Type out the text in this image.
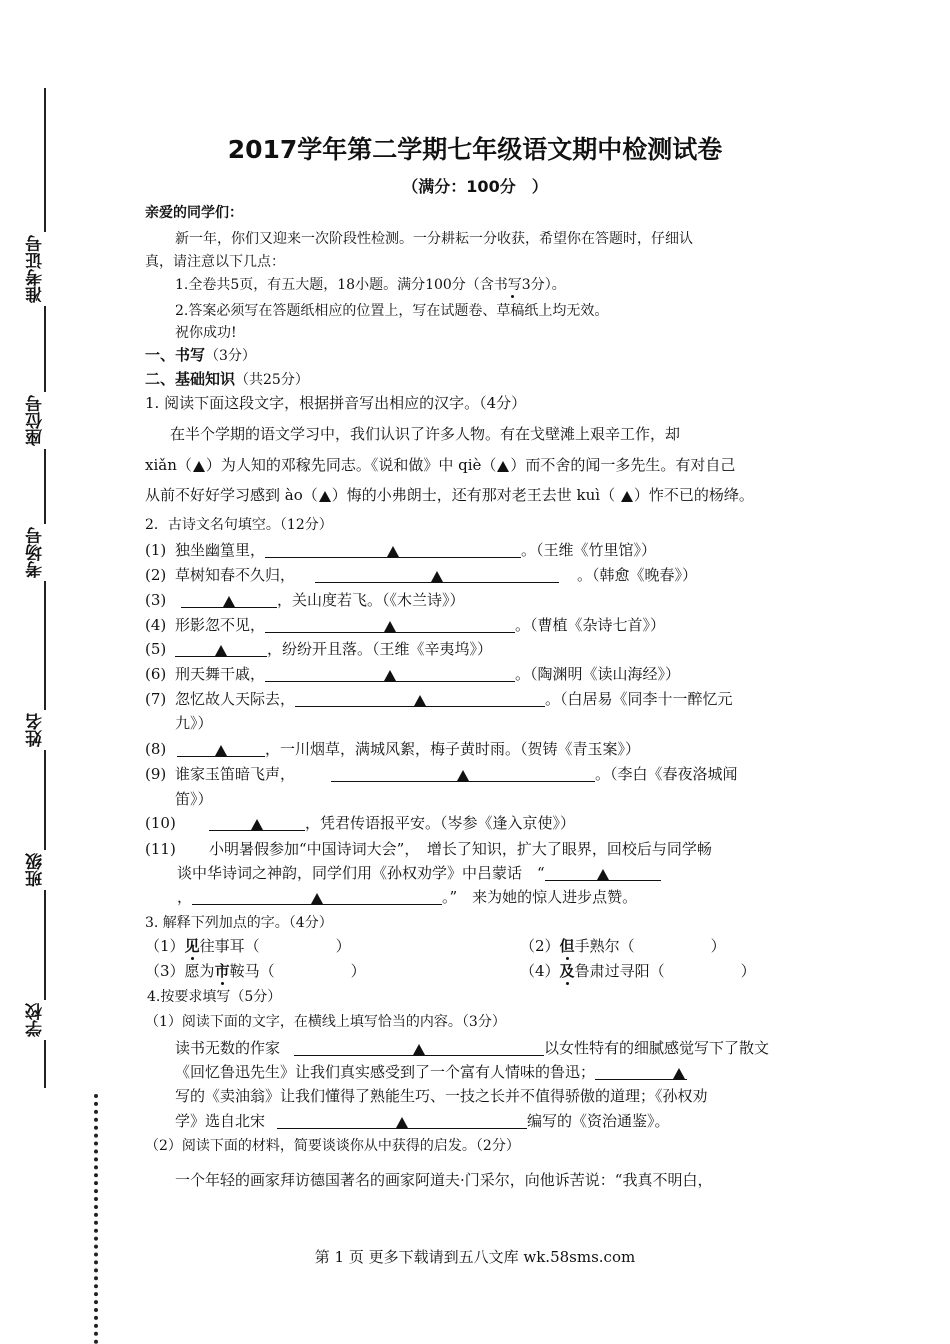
准考证号
座位号
考场号
姓名
班级
学校
2017学年第二学期七年级语文期中检测试卷
（满分：100分　）
亲爱的同学们：
新一年，你们又迎来一次阶段性检测。一分耕耘一分收获，希望你在答题时，仔细认
真，请注意以下几点：
1.全卷共5页，有五大题，18小题。满分100分（含书写3分）。
2.答案必须写在答题纸相应的位置上，写在试题卷、草稿纸上均无效。
祝你成功!
一、书写（3分）
二、基础知识（共25分）
1. 阅读下面这段文字，根据拼音写出相应的汉字。（4分）
在半个学期的语文学习中，我们认识了许多人物。有在戈壁滩上艰辛工作，却
xiǎn（ ）为人知的邓稼先同志。《说和做》中 qiè（ ）而不舍的闻一多先生。有对自己
从前不好好学习感到 ào（ ）悔的小弗朗士，还有那对老王去世 kuì（ ）怍不已的杨绛。
2．古诗文名句填空。（12分）
(1) 独坐幽篁里，	。（王维《竹里馆》）
(2) 草树知春不久归，	。（韩愈《晚春》）
(3)	，关山度若飞。（《木兰诗》）
(4) 形影忽不见，	。（曹植《杂诗七首》）
(5)	，纷纷开且落。（王维《辛夷坞》）
(6) 刑天舞干戚，	。（陶渊明《读山海经》）
(7) 忽忆故人天际去，	。（白居易《同李十一醉忆元
九》）
(8)	，一川烟草，满城风絮，梅子黄时雨。（贺铸《青玉案》）
(9) 谁家玉笛暗飞声，	。（李白《春夜洛城闻
笛》）
(10)	，凭君传语报平安。（岑参《逢入京使》）
(11) 小明暑假参加“中国诗词大会”，　增长了知识，扩大了眼界，回校后与同学畅
谈中华诗词之神韵，同学们用《孙权劝学》中吕蒙话　“
，	。”　来为她的惊人进步点赞。
3. 解释下列加点的字。（4分）
（1）见往事耳（	）	（2）但手熟尔（	）
（3）愿为市鞍马（	）	（4）及鲁肃过寻阳（	）
4.按要求填写（5分）
（1）阅读下面的文字，在横线上填写恰当的内容。（3分）
读书无数的作家	以女性特有的细腻感觉写下了散文
《回忆鲁迅先生》让我们真实感受到了一个富有人情味的鲁迅；
写的《卖油翁》让我们懂得了熟能生巧、一技之长并不值得骄傲的道理；《孙权劝
学》选自北宋	编写的《资治通鉴》。
（2）阅读下面的材料，简要谈谈你从中获得的启发。（2分）
一个年轻的画家拜访德国著名的画家阿道夫·门采尔，向他诉苦说：“我真不明白，
第 1 页 更多下载请到五八文库 wk.58sms.com
